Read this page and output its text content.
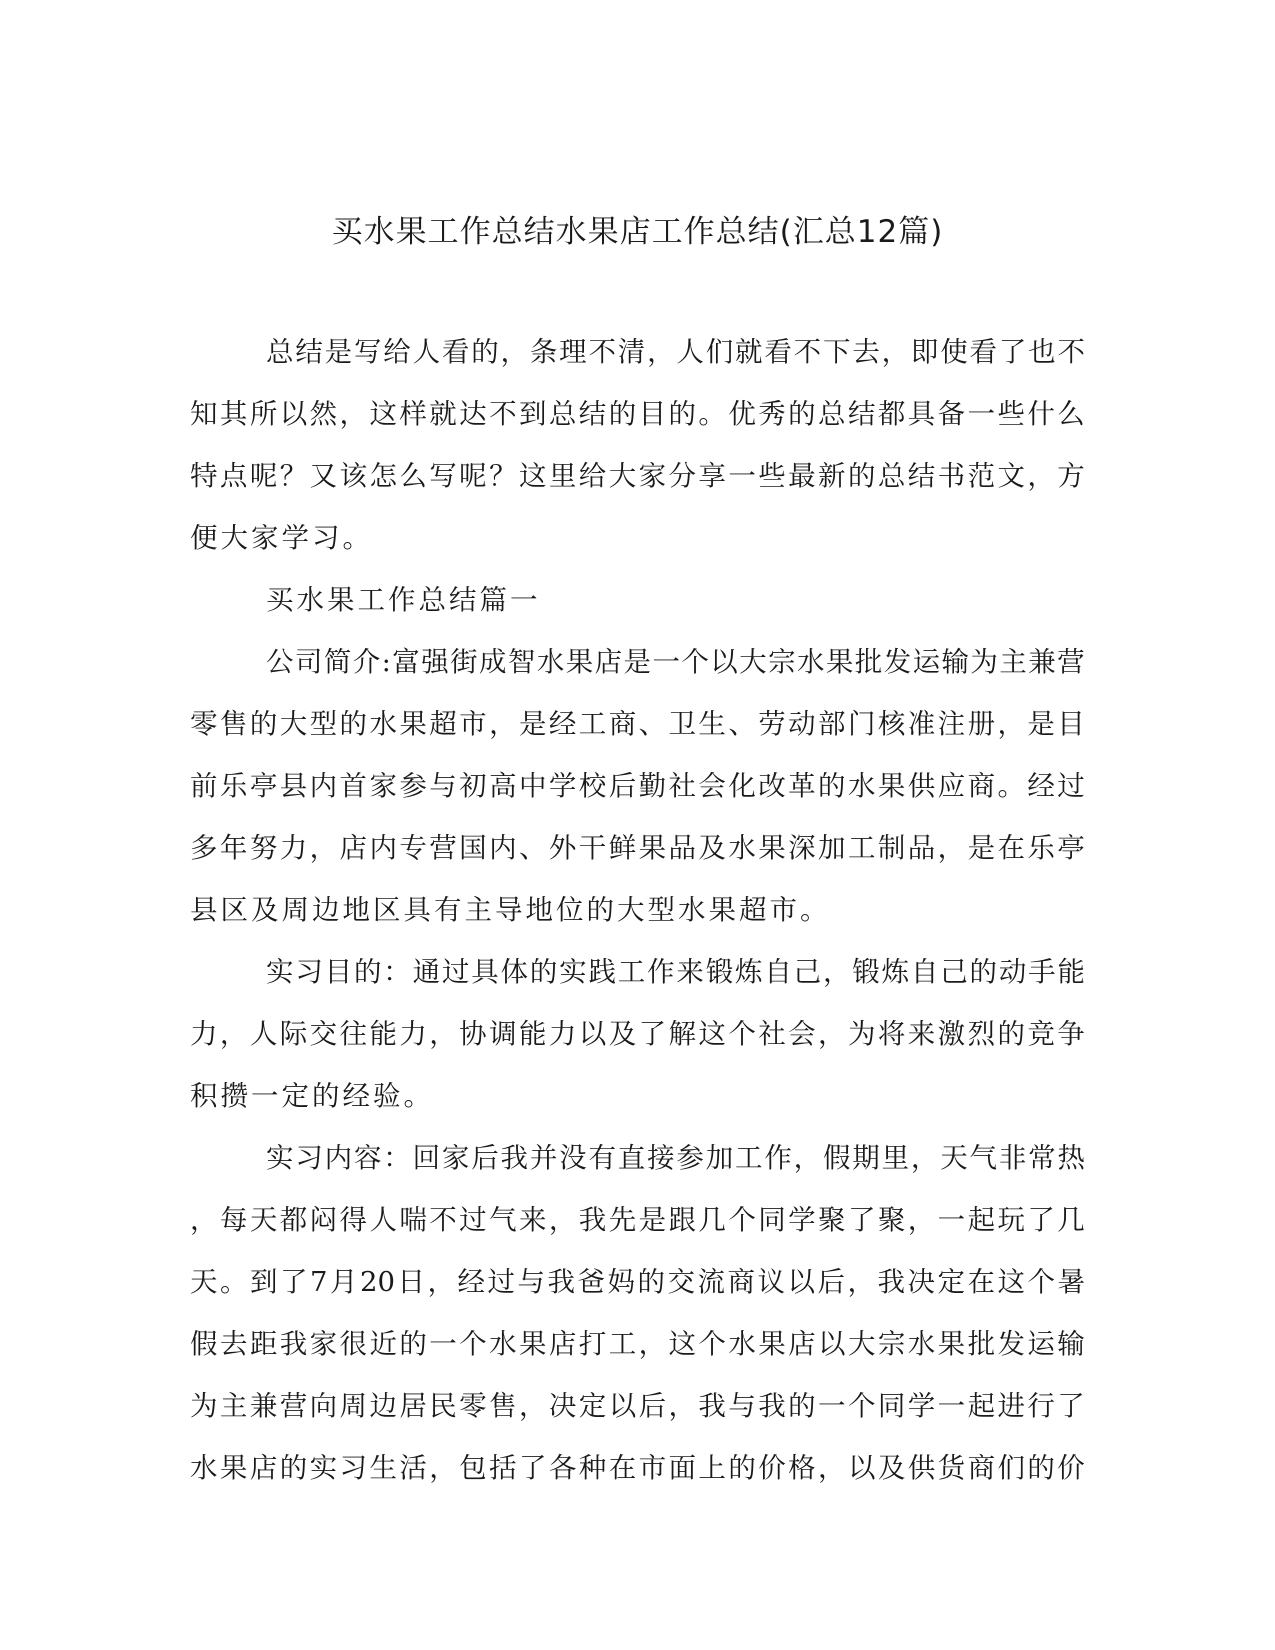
买水果工作总结水果店工作总结(汇总12篇)
总 结 是 写 给 人 看 的 ， 条 理 不 清 ， 人 们 就 看 不 下 去 ， 即 使 看 了 也 不
知 其 所 以 然 ， 这 样 就 达 不 到 总 结 的 目 的 。 优 秀 的 总 结 都 具 备 一 些 什 么
特 点 呢 ？ 又 该 怎 么 写 呢 ？ 这 里 给 大 家 分 享 一 些 最 新 的 总 结 书 范 文 ， 方
便大家学习。
买水果工作总结篇一
公 司 简 介 : 富 强 街 成 智 水 果 店 是 一 个 以 大 宗 水 果 批 发 运 输 为 主 兼 营
零 售 的 大 型 的 水 果 超 市 ， 是 经 工 商 、 卫 生 、 劳 动 部 门 核 准 注 册 ， 是 目
前 乐 亭 县 内 首 家 参 与 初 高 中 学 校 后 勤 社 会 化 改 革 的 水 果 供 应 商 。 经 过
多 年 努 力 ， 店 内 专 营 国 内 、 外 干 鲜 果 品 及 水 果 深 加 工 制 品 ， 是 在 乐 亭
县区及周边地区具有主导地位的大型水果超市。
实 习 目 的 ： 通 过 具 体 的 实 践 工 作 来 锻 炼 自 己 ， 锻 炼 自 己 的 动 手 能
力 ， 人 际 交 往 能 力 ， 协 调 能 力 以 及 了 解 这 个 社 会 ， 为 将 来 激 烈 的 竞 争
积攒一定的经验。
实 习 内 容 ： 回 家 后 我 并 没 有 直 接 参 加 工 作 ， 假 期 里 ， 天 气 非 常 热
， 每 天 都 闷 得 人 喘 不 过 气 来 ， 我 先 是 跟 几 个 同 学 聚 了 聚 ， 一 起 玩 了 几
天 。 到 了 7 月 20 日 ， 经 过 与 我 爸 妈 的 交 流 商 议 以 后 ， 我 决 定 在 这 个 暑
假 去 距 我 家 很 近 的 一 个 水 果 店 打 工 ， 这 个 水 果 店 以 大 宗 水 果 批 发 运 输
为 主 兼 营 向 周 边 居 民 零 售 ， 决 定 以 后 ， 我 与 我 的 一 个 同 学 一 起 进 行 了
水 果 店 的 实 习 生 活 ， 包 括 了 各 种 在 市 面 上 的 价 格 ， 以 及 供 货 商 们 的 价
